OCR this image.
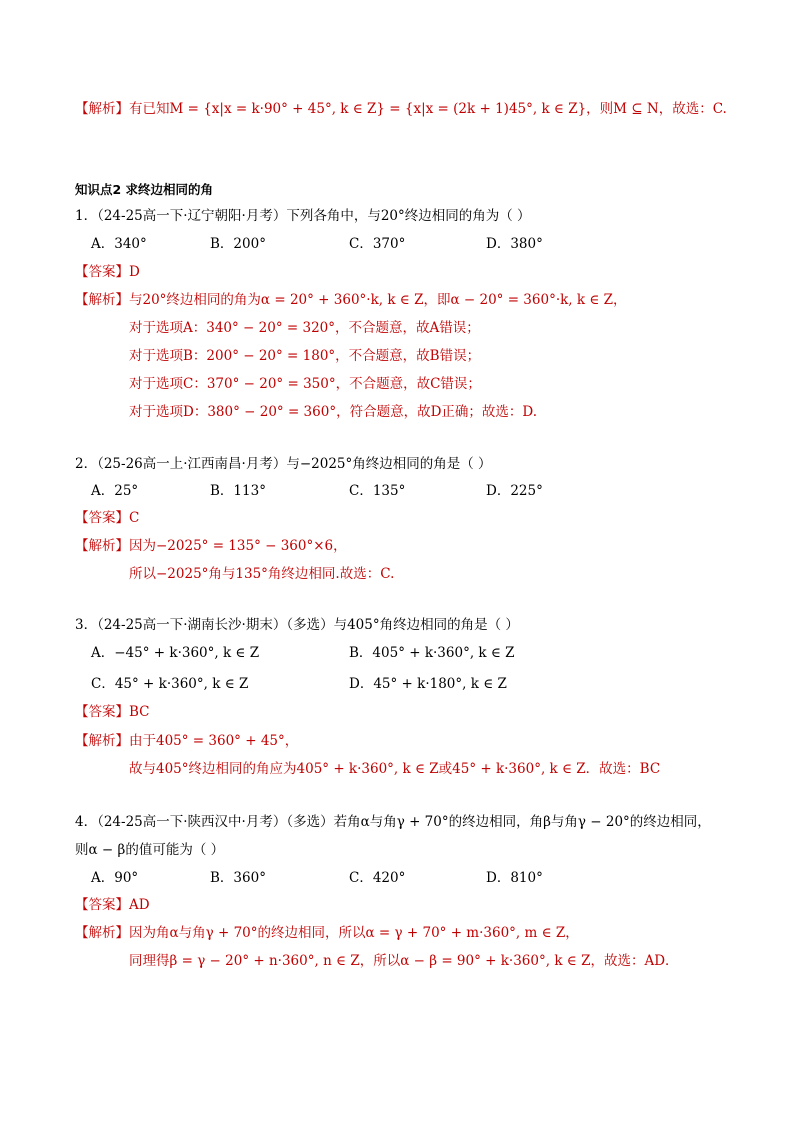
【解析】有已知M = {x|x = k·90° + 45°, k ∈ Z} = {x|x = (2k + 1)45°, k ∈ Z}，则M ⊆ N，故选：C.
知识点2 求终边相同的角
1．（24-25高一下·辽宁朝阳·月考）下列各角中，与20°终边相同的角为（ ）
A．340°	B．200°	C．370°	D．380°
【答案】D
【解析】与20°终边相同的角为α = 20° + 360°·k, k ∈ Z，即α − 20° = 360°·k, k ∈ Z，
对于选项A：340° − 20° = 320°，不合题意，故A错误；
对于选项B：200° − 20° = 180°，不合题意，故B错误；
对于选项C：370° − 20° = 350°，不合题意，故C错误；
对于选项D：380° − 20° = 360°，符合题意，故D正确；故选：D.
2．（25-26高一上·江西南昌·月考）与−2025°角终边相同的角是（ ）
A．25°	B．113°	C．135°	D．225°
【答案】C
【解析】因为−2025° = 135° − 360°×6，
所以−2025°角与135°角终边相同.故选：C.
3．（24-25高一下·湖南长沙·期末）（多选）与405°角终边相同的角是（ ）
A．−45° + k·360°, k ∈ Z	B．405° + k·360°, k ∈ Z
C．45° + k·360°, k ∈ Z	D．45° + k·180°, k ∈ Z
【答案】BC
【解析】由于405° = 360° + 45°，
故与405°终边相同的角应为405° + k·360°, k ∈ Z或45° + k·360°, k ∈ Z．故选：BC
4．（24-25高一下·陕西汉中·月考）（多选）若角α与角γ + 70°的终边相同，角β与角γ − 20°的终边相同，
则α − β的值可能为（ ）
A．90°	B．360°	C．420°	D．810°
【答案】AD
【解析】因为角α与角γ + 70°的终边相同，所以α = γ + 70° + m·360°, m ∈ Z，
同理得β = γ − 20° + n·360°, n ∈ Z，所以α − β = 90° + k·360°, k ∈ Z，故选：AD．
